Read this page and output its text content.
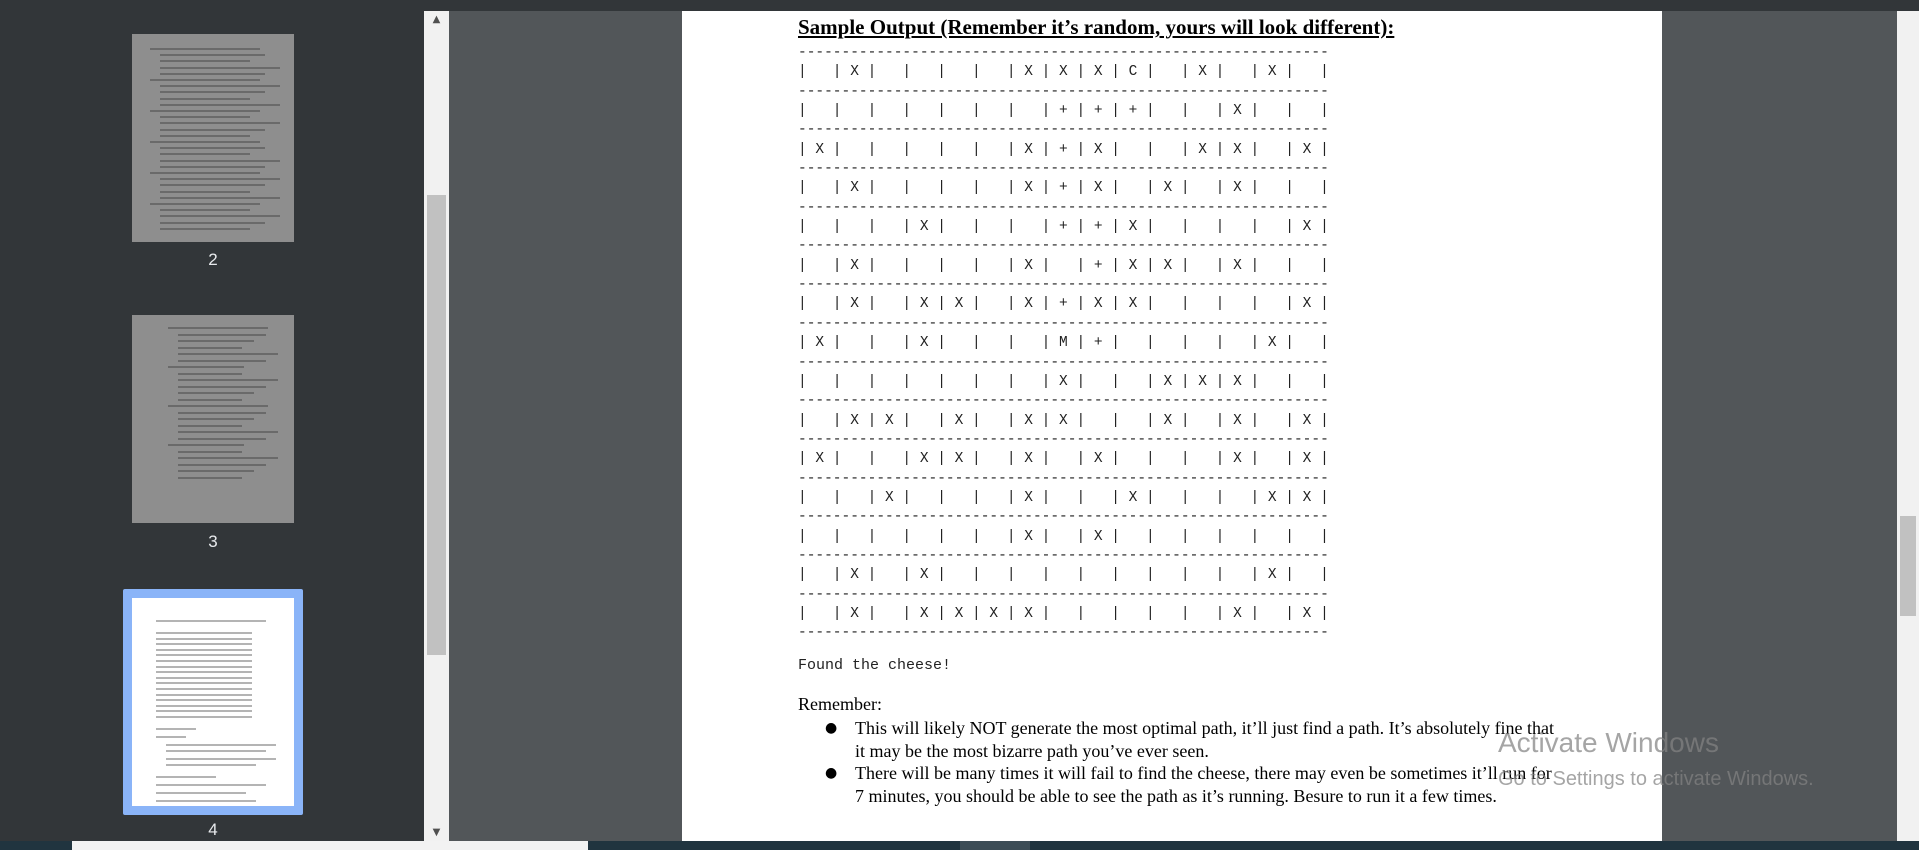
2
3
4
▲
▼
Sample Output (Remember it’s random, yours will look different):
-------------------------------------------------------------
|   | X |   |   |   |   | X | X | X | C |   | X |   | X |   |
-------------------------------------------------------------
|   |   |   |   |   |   |   | + | + | + |   |   | X |   |   |
-------------------------------------------------------------
| X |   |   |   |   |   | X | + | X |   |   | X | X |   | X |
-------------------------------------------------------------
|   | X |   |   |   |   | X | + | X |   | X |   | X |   |   |
-------------------------------------------------------------
|   |   |   | X |   |   |   | + | + | X |   |   |   |   | X |
-------------------------------------------------------------
|   | X |   |   |   |   | X |   | + | X | X |   | X |   |   |
-------------------------------------------------------------
|   | X |   | X | X |   | X | + | X | X |   |   |   |   | X |
-------------------------------------------------------------
| X |   |   | X |   |   |   | M | + |   |   |   |   | X |   |
-------------------------------------------------------------
|   |   |   |   |   |   |   | X |   |   | X | X | X |   |   |
-------------------------------------------------------------
|   | X | X |   | X |   | X | X |   |   | X |   | X |   | X |
-------------------------------------------------------------
| X |   |   | X | X |   | X |   | X |   |   |   | X |   | X |
-------------------------------------------------------------
|   |   | X |   |   |   | X |   |   | X |   |   |   | X | X |
-------------------------------------------------------------
|   |   |   |   |   |   | X |   | X |   |   |   |   |   |   |
-------------------------------------------------------------
|   | X |   | X |   |   |   |   |   |   |   |   |   | X |   |
-------------------------------------------------------------
|   | X |   | X | X | X | X |   |   |   |   |   | X |   | X |
-------------------------------------------------------------
Found the cheese!
Remember:
● This will likely NOT generate the most optimal path, it’ll just find a path. It’s absolutely fine that it may be the most bizarre path you’ve ever seen.
● There will be many times it will fail to find the cheese, there may even be sometimes it’ll run for 7 minutes, you should be able to see the path as it’s running. Besure to run it a few times.
Activate Windows
Go to Settings to activate Windows.
